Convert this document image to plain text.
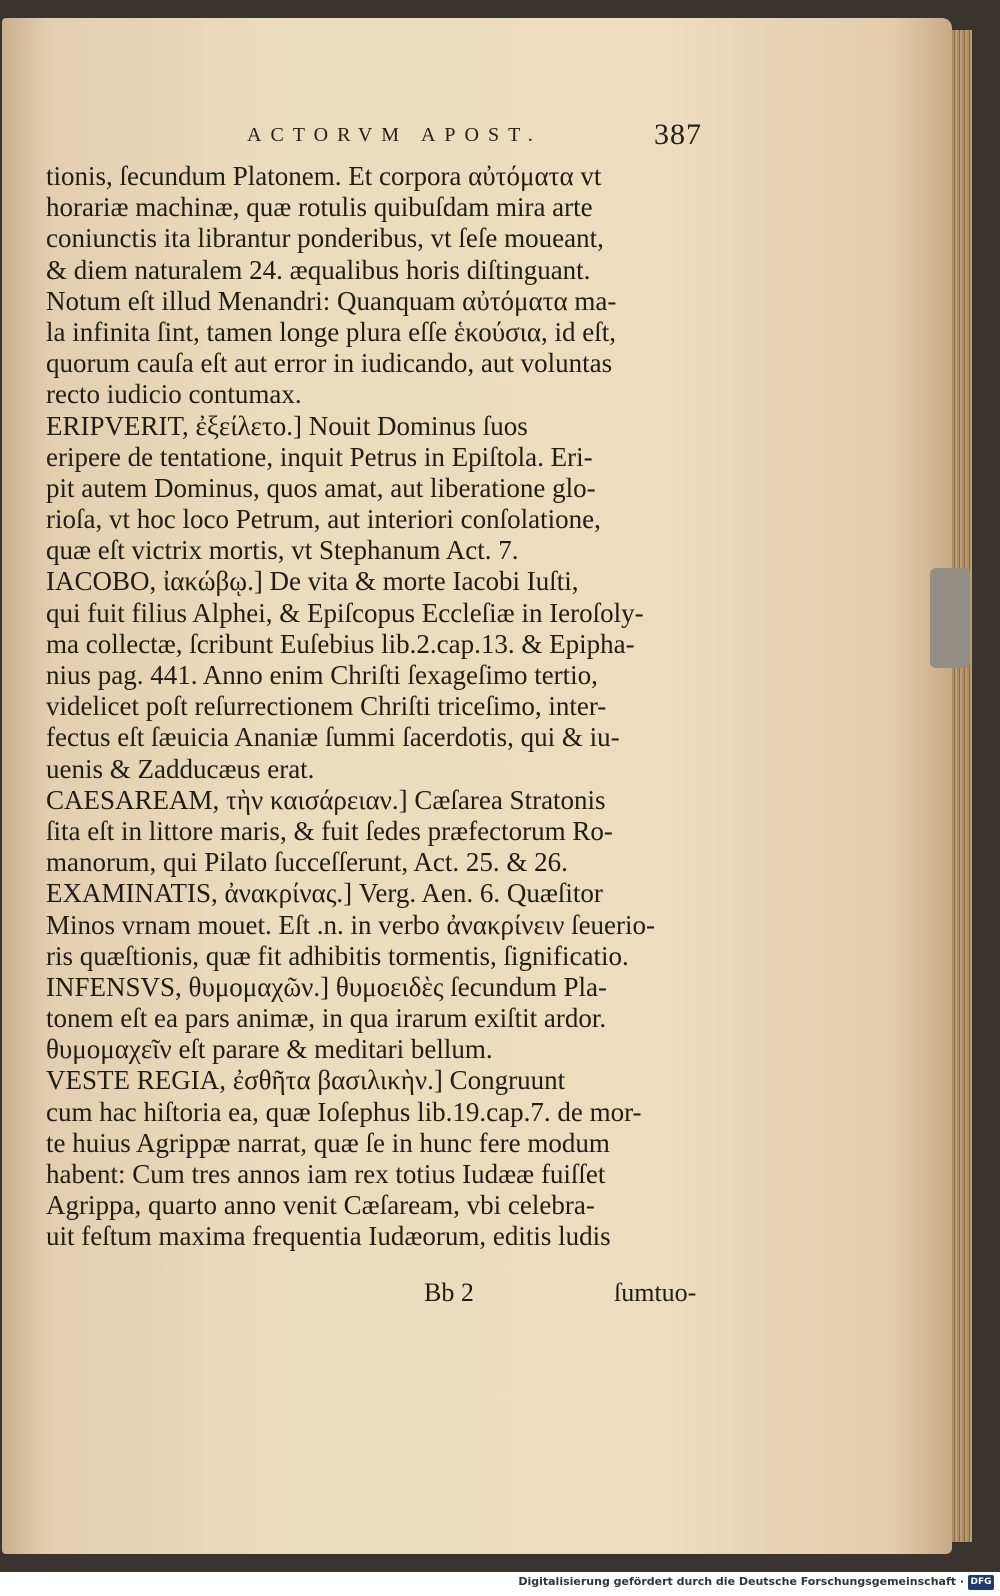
ACTORVM APOST.	387
tionis, ſecundum Platonem. Et corpora αὐτόματα vt
horariæ machinæ, quæ rotulis quibuſdam mira arte
coniunctis ita librantur ponderibus, vt ſeſe moueant,
& diem naturalem 24. æqualibus horis diſtinguant.
Notum eſt illud Menandri: Quanquam αὐτόματα ma-
la infinita ſint, tamen longe plura eſſe ἑκούσια, id eſt,
quorum cauſa eſt aut error in iudicando, aut voluntas
recto iudicio contumax.
ERIPVERIT, ἐξείλετο.] Nouit Dominus ſuos
eripere de tentatione, inquit Petrus in Epiſtola. Eri-
pit autem Dominus, quos amat, aut liberatione glo-
rioſa, vt hoc loco Petrum, aut interiori conſolatione,
quæ eſt victrix mortis, vt Stephanum Act. 7.
IACOBO, ἰακώβῳ.] De vita & morte Iacobi Iuſti,
qui fuit filius Alphei, & Epiſcopus Eccleſiæ in Ieroſoly-
ma collectæ, ſcribunt Euſebius lib.2.cap.13. & Epipha-
nius pag. 441. Anno enim Chriſti ſexageſimo tertio,
videlicet poſt reſurrectionem Chriſti triceſimo, inter-
fectus eſt ſæuicia Ananiæ ſummi ſacerdotis, qui & iu-
uenis & Zadducæus erat.
CAESAREAM, τὴν καισάρειαν.] Cæſarea Stratonis
ſita eſt in littore maris, & fuit ſedes præfectorum Ro-
manorum, qui Pilato ſucceſſerunt, Act. 25. & 26.
EXAMINATIS, ἀνακρίνας.] Verg. Aen. 6. Quæſitor
Minos vrnam mouet. Eſt .n. in verbo ἀνακρίνειν ſeuerio-
ris quæſtionis, quæ fit adhibitis tormentis, ſignificatio.
INFENSVS, θυμομαχῶν.] θυμοειδὲς ſecundum Pla-
tonem eſt ea pars animæ, in qua irarum exiſtit ardor.
θυμομαχεῖν eſt parare & meditari bellum.
VESTE REGIA, ἐσθῆτα βασιλικὴν.] Congruunt
cum hac hiſtoria ea, quæ Ioſephus lib.19.cap.7. de mor-
te huius Agrippæ narrat, quæ ſe in hunc fere modum
habent: Cum tres annos iam rex totius Iudææ fuiſſet
Agrippa, quarto anno venit Cæſaream, vbi celebra-
uit feſtum maxima frequentia Iudæorum, editis ludis
Bb 2	ſumtuo-
Digitalisierung gefördert durch die Deutsche Forschungsgemeinschaft · DFG
